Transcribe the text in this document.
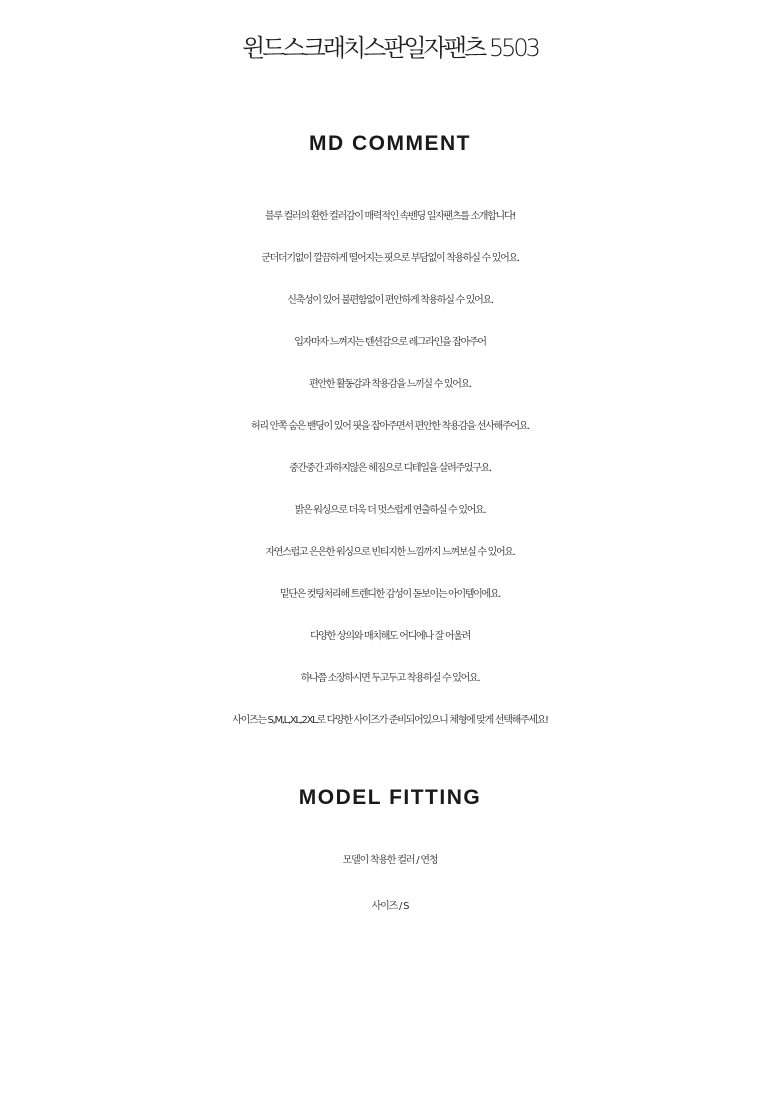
윈드스크래치스판일자팬츠 5503
MD COMMENT
블루 컬러의 환한 컬러감이 매력적인 속밴딩 일자팬츠를 소개합니다!
군더더기없이 깔끔하게 떨어지는 핏으로 부담없이 착용하실 수 있어요.
신축성이 있어 불편함없이 편안하게 착용하실 수 있어요.
입자마자 느껴지는 텐션감으로 레그라인을 잡아주어
편안한 활동감과 착용감을 느끼실 수 있어요.
허리 안쪽 숨은 밴딩이 있어 핏을 잡아주면서 편안한 착용감을 선사해주어요.
중간중간 과하지않은 헤짐으로 디테일을 살려주었구요.
밝은 워싱으로 더욱 더 멋스럽게 연출하실 수 있어요.
자연스럽고 은은한 워싱으로 빈티지한 느낌까지 느껴보실 수 있어요.
밑단은 컷팅처리해 트렌디한 감성이 돋보이는 아이템이에요.
다양한 상의와 매치해도 어디에나 잘 어울려
하나쯤 소장하시면 두고두고 착용하실 수 있어요.
사이즈는 S,M,L,XL,2XL로 다양한 사이즈가 준비되어있으니 체형에 맞게 선택해주세요!
MODEL FITTING
모델이 착용한 컬러 / 연청
사이즈 / S
